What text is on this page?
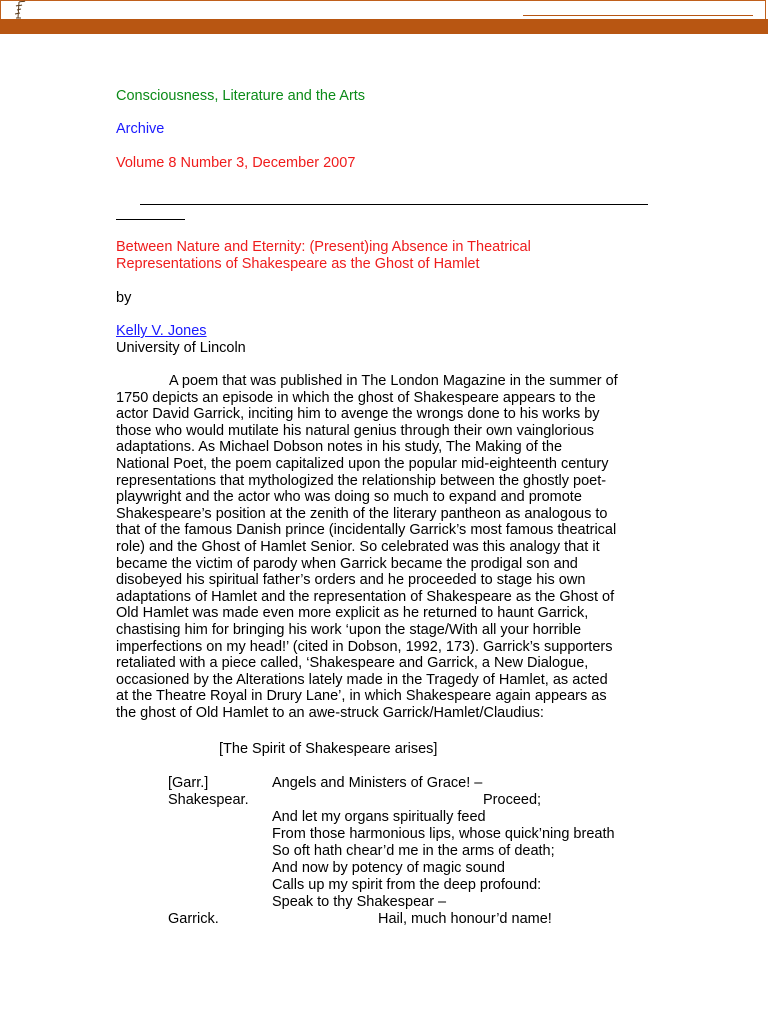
Consciousness, Literature and the Arts
Archive
Volume 8 Number 3, December 2007
Between Nature and Eternity: (Present)ing Absence in Theatrical
Representations of Shakespeare as the Ghost of Hamlet
by
Kelly V. Jones
University of Lincoln
A poem that was published in The London Magazine in the summer of
1750 depicts an episode in which the ghost of Shakespeare appears to the
actor David Garrick, inciting him to avenge the wrongs done to his works by
those who would mutilate his natural genius through their own vainglorious
adaptations. As Michael Dobson notes in his study, The Making of the
National Poet, the poem capitalized upon the popular mid-eighteenth century
representations that mythologized the relationship between the ghostly poet-
playwright and the actor who was doing so much to expand and promote
Shakespeare’s position at the zenith of the literary pantheon as analogous to
that of the famous Danish prince (incidentally Garrick’s most famous theatrical
role) and the Ghost of Hamlet Senior. So celebrated was this analogy that it
became the victim of parody when Garrick became the prodigal son and
disobeyed his spiritual father’s orders and he proceeded to stage his own
adaptations of Hamlet and the representation of Shakespeare as the Ghost of
Old Hamlet was made even more explicit as he returned to haunt Garrick,
chastising him for bringing his work ‘upon the stage/With all your horrible
imperfections on my head!’ (cited in Dobson, 1992, 173). Garrick’s supporters
retaliated with a piece called, ‘Shakespeare and Garrick, a New Dialogue,
occasioned by the Alterations lately made in the Tragedy of Hamlet, as acted
at the Theatre Royal in Drury Lane’, in which Shakespeare again appears as
the ghost of Old Hamlet to an awe-struck Garrick/Hamlet/Claudius:
[The Spirit of Shakespeare arises]
[Garr.]	Angels and Ministers of Grace! –
Shakespear.	Proceed;
And let my organs spiritually feed
From those harmonious lips, whose quick’ning breath
So oft hath chear’d me in the arms of death;
And now by potency of magic sound
Calls up my spirit from the deep profound:
Speak to thy Shakespear –
Garrick.	Hail, much honour’d name!
